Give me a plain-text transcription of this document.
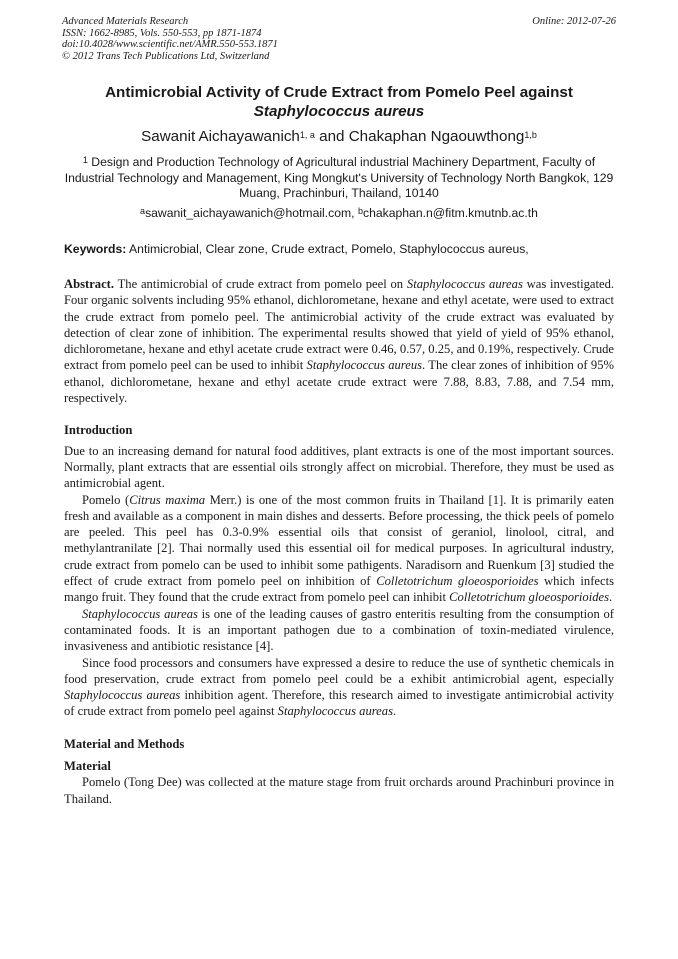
Advanced Materials Research
ISSN: 1662-8985, Vols. 550-553, pp 1871-1874
doi:10.4028/www.scientific.net/AMR.550-553.1871
© 2012 Trans Tech Publications Ltd, Switzerland
Online: 2012-07-26
Antimicrobial Activity of Crude Extract from Pomelo Peel against
Staphylococcus aureus
Sawanit Aichayawanich$^{1, a}$ and Chakaphan Ngaouwthong$^{1,b}$
$^1$ Design and Production Technology of Agricultural industrial Machinery Department, Faculty of Industrial Technology and Management, King Mongkut's University of Technology North Bangkok, 129 Muang, Prachinburi, Thailand, 10140
$^a$sawanit_aichayawanich@hotmail.com, $^b$chakaphan.n@fitm.kmutnb.ac.th
Keywords: Antimicrobial, Clear zone, Crude extract, Pomelo, Staphylococcus aureus,

Abstract. The antimicrobial of crude extract from pomelo peel on Staphylococcus aureas was investigated. Four organic solvents including 95% ethanol, dichlorometane, hexane and ethyl acetate, were used to extract the crude extract from pomelo peel. The antimicrobial activity of the crude extract was evaluated by detection of clear zone of inhibition. The experimental results showed that yield of yield of 95% ethanol, dichlorometane, hexane and ethyl acetate crude extract were 0.46, 0.57, 0.25, and 0.19%, respectively. Crude extract from pomelo peel can be used to inhibit Staphylococcus aureus. The clear zones of inhibition of 95% ethanol, dichlorometane, hexane and ethyl acetate crude extract were 7.88, 8.83, 7.88, and 7.54 mm, respectively.

Introduction

Due to an increasing demand for natural food additives, plant extracts is one of the most important sources. Normally, plant extracts that are essential oils strongly affect on microbial. Therefore, they must be used as antimicrobial agent.

Pomelo (Citrus maxima Merr.) is one of the most common fruits in Thailand [1]. It is primarily eaten fresh and available as a component in main dishes and desserts. Before processing, the thick peels of pomelo are peeled. This peel has 0.3-0.9% essential oils that consist of geraniol, linolool, citral, and methylantranilate [2]. Thai normally used this essential oil for medical purposes. In agricultural industry, crude extract from pomelo can be used to inhibit some pathigents. Naradisorn and Ruenkum [3] studied the effect of crude extract from pomelo peel on inhibition of Colletotrichum gloeosporioides which infects mango fruit. They found that the crude extract from pomelo peel can inhibit Colletotrichum gloeosporioides.

Staphylococcus aureas is one of the leading causes of gastro enteritis resulting from the consumption of contaminated foods. It is an important pathogen due to a combination of toxin-mediated virulence, invasiveness and antibiotic resistance [4].

Since food processors and consumers have expressed a desire to reduce the use of synthetic chemicals in food preservation, crude extract from pomelo peel could be a exhibit antimicrobial agent, especially Staphylococcus aureas inhibition agent. Therefore, this research aimed to investigate antimicrobial activity of crude extract from pomelo peel against Staphylococcus aureas.

Material and Methods

Material

Pomelo (Tong Dee) was collected at the mature stage from fruit orchards around Prachinburi province in Thailand.
